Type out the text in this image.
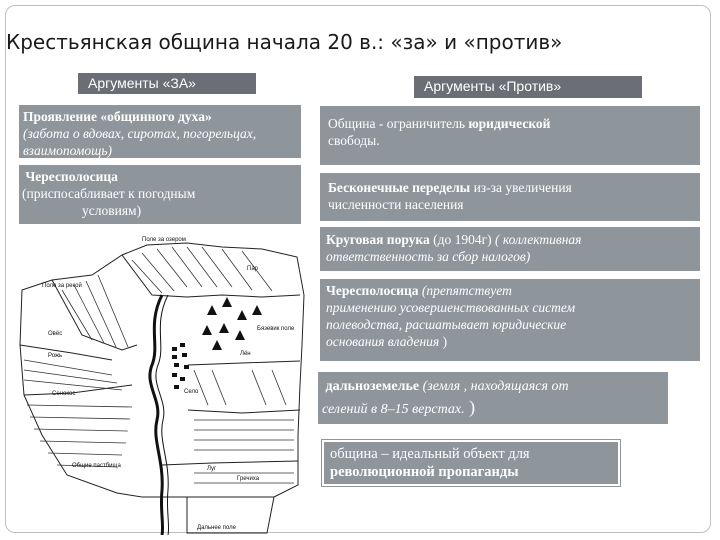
Крестьянская община начала 20 в.: «за» и «против»
Аргументы «ЗА»	Аргументы «Против»
Проявление «общинного духа»
(забота о вдовах, сиротах, погорельцах, взаимопомощь)
Чересполосица
(приспосабливает к погодным
условиям)
Община - ограничитель юридической
свободы.
Бесконечные переделы из-за увеличения
численности населения
Круговая порука (до 1904г) ( коллективная
ответственность за сбор налогов)
Чересполосица (препятствует
применению усовершенствованных систем
полеводства, расшатывает юридические
основания владения )
дальноземелье (земля , находящаяся от
селений в 8–15 верстах. )
община – идеальный объект для
революционной пропаганды
Поле за озером
Поле за рекой
Дальнее поле
Общие пастбища
Село
Овёс
Рожь	Лён
Пар
Сенокос
Гречиха
Луг
Бязевик поле
